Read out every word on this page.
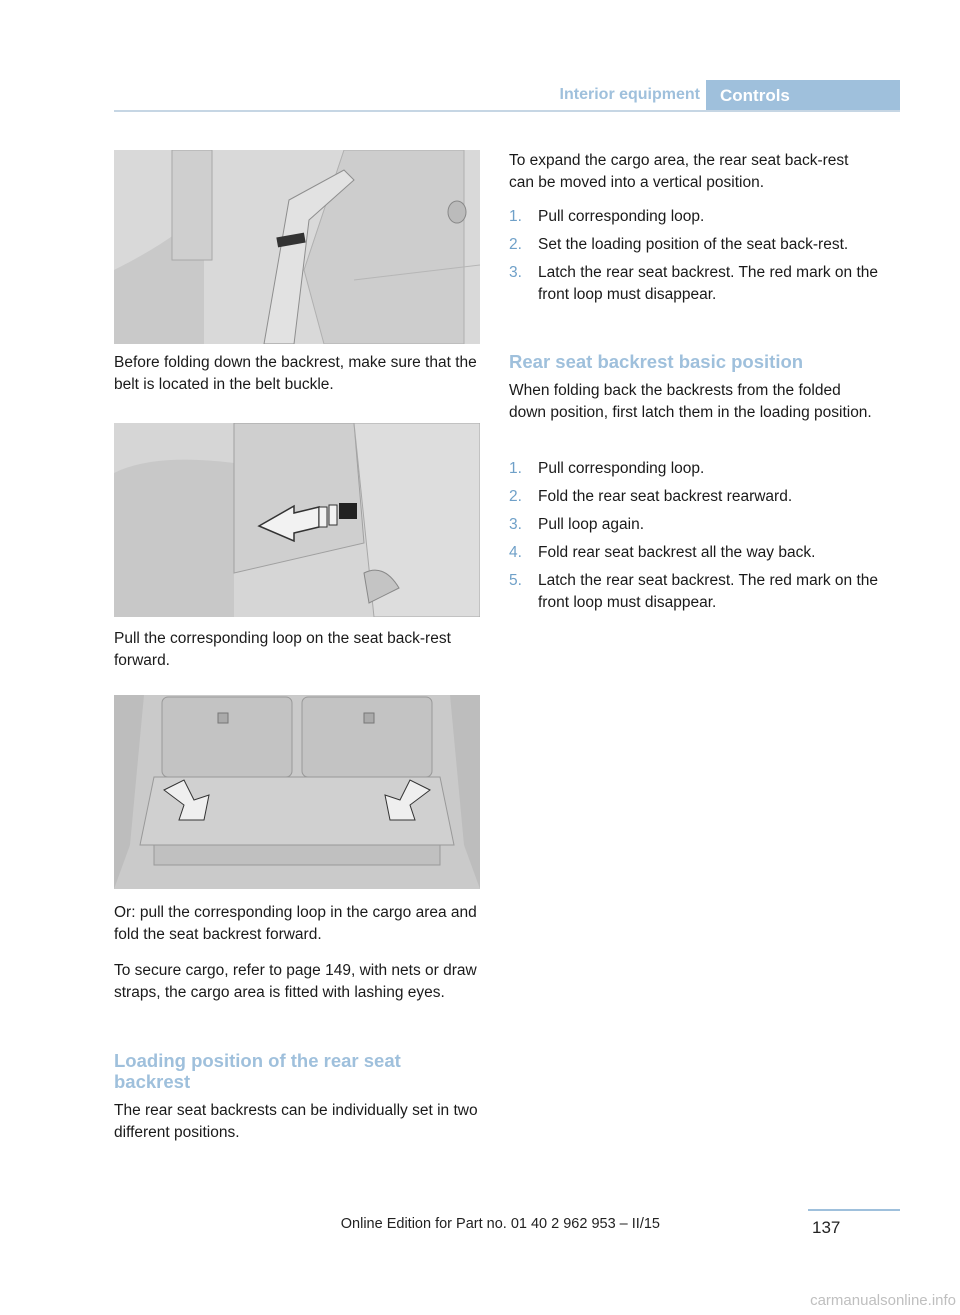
Interior equipment	Controls

Before folding down the backrest, make sure that the belt is located in the belt buckle.

Pull the corresponding loop on the seat back-rest forward.

Or: pull the corresponding loop in the cargo area and fold the seat backrest forward.

To secure cargo, refer to page 149, with nets or draw straps, the cargo area is fitted with lashing eyes.

Loading position of the rear seat backrest

The rear seat backrests can be individually set in two different positions.

To expand the cargo area, the rear seat back-rest can be moved into a vertical position.

1. Pull corresponding loop.
2. Set the loading position of the seat back-rest.
3. Latch the rear seat backrest. The red mark on the front loop must disappear.

Rear seat backrest basic position

When folding back the backrests from the folded down position, first latch them in the loading position.

1. Pull corresponding loop.
2. Fold the rear seat backrest rearward.
3. Pull loop again.
4. Fold rear seat backrest all the way back.
5. Latch the rear seat backrest. The red mark on the front loop must disappear.
Online Edition for Part no. 01 40 2 962 953 – II/15	137
carmanualsonline.info
